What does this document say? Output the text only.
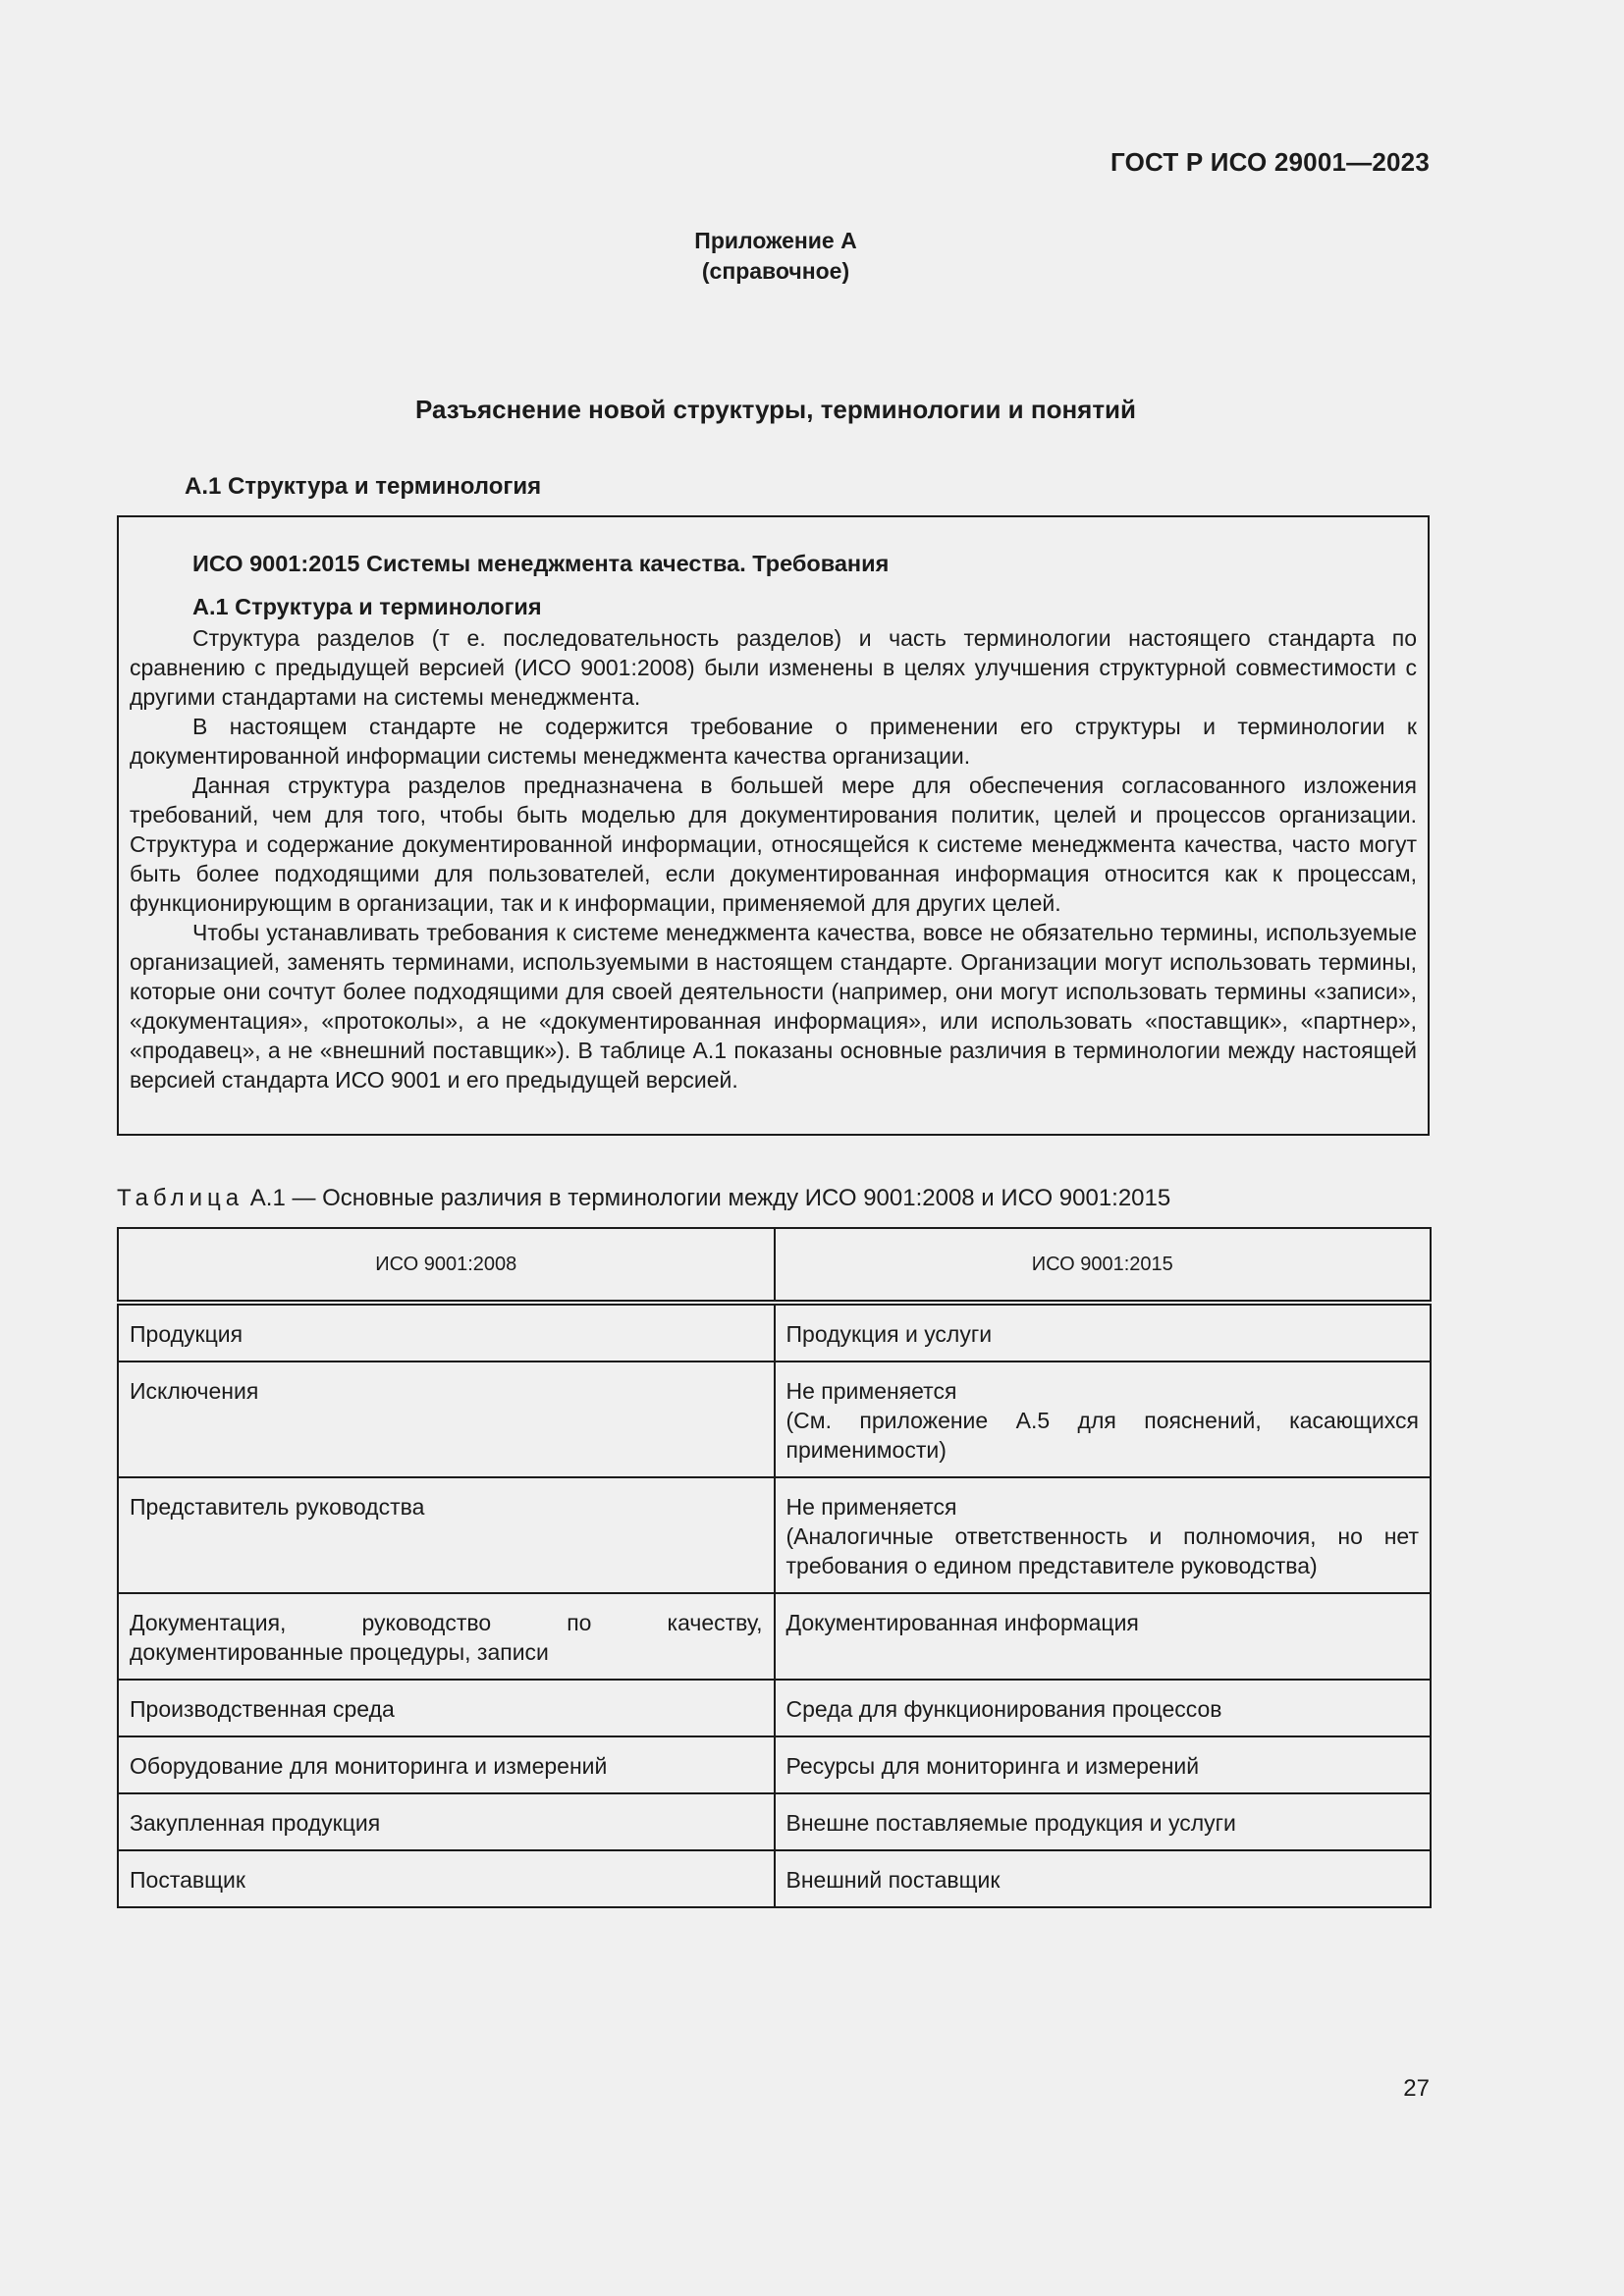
ГОСТ Р ИСО 29001—2023
Приложение А
(справочное)
Разъяснение новой структуры, терминологии и понятий
A.1 Структура и терминология
ИСО 9001:2015 Системы менеджмента качества. Требования
А.1 Структура и терминология

Структура разделов (т е. последовательность разделов) и часть терминологии настоящего стандарта по сравнению с предыдущей версией (ИСО 9001:2008) были изменены в целях улучшения структурной совместимости с другими стандартами на системы менеджмента.

В настоящем стандарте не содержится требование о применении его структуры и терминологии к документированной информации системы менеджмента качества организации.

Данная структура разделов предназначена в большей мере для обеспечения согласованного изложения требований, чем для того, чтобы быть моделью для документирования политик, целей и процессов организации. Структура и содержание документированной информации, относящейся к системе менеджмента качества, часто могут быть более подходящими для пользователей, если документированная информация относится как к процессам, функционирующим в организации, так и к информации, применяемой для других целей.

Чтобы устанавливать требования к системе менеджмента качества, вовсе не обязательно термины, используемые организацией, заменять терминами, используемыми в настоящем стандарте. Организации могут использовать термины, которые они сочтут более подходящими для своей деятельности (например, они могут использовать термины «записи», «документация», «протоколы», а не «документированная информация», или использовать «поставщик», «партнер», «продавец», а не «внешний поставщик»). В таблице А.1 показаны основные различия в терминологии между настоящей версией стандарта ИСО 9001 и его предыдущей версией.

Таблица А.1 — Основные различия в терминологии между ИСО 9001:2008 и ИСО 9001:2015
ИСО 9001:2008	ИСО 9001:2015
Продукция	Продукция и услуги

Исключения	Не применяется
(См. приложение А.5 для пояснений, касающихся применимости)

Представитель руководства	Не применяется
(Аналогичные ответственность и полномочия, но нет требования о едином представителе руководства)

Документация, руководство по качеству, документированные процедуры, записи	Документированная информация

Производственная среда	Среда для функционирования процессов

Оборудование для мониторинга и измерений	Ресурсы для мониторинга и измерений

Закупленная продукция	Внешне поставляемые продукция и услуги

Поставщик	Внешний поставщик
27
